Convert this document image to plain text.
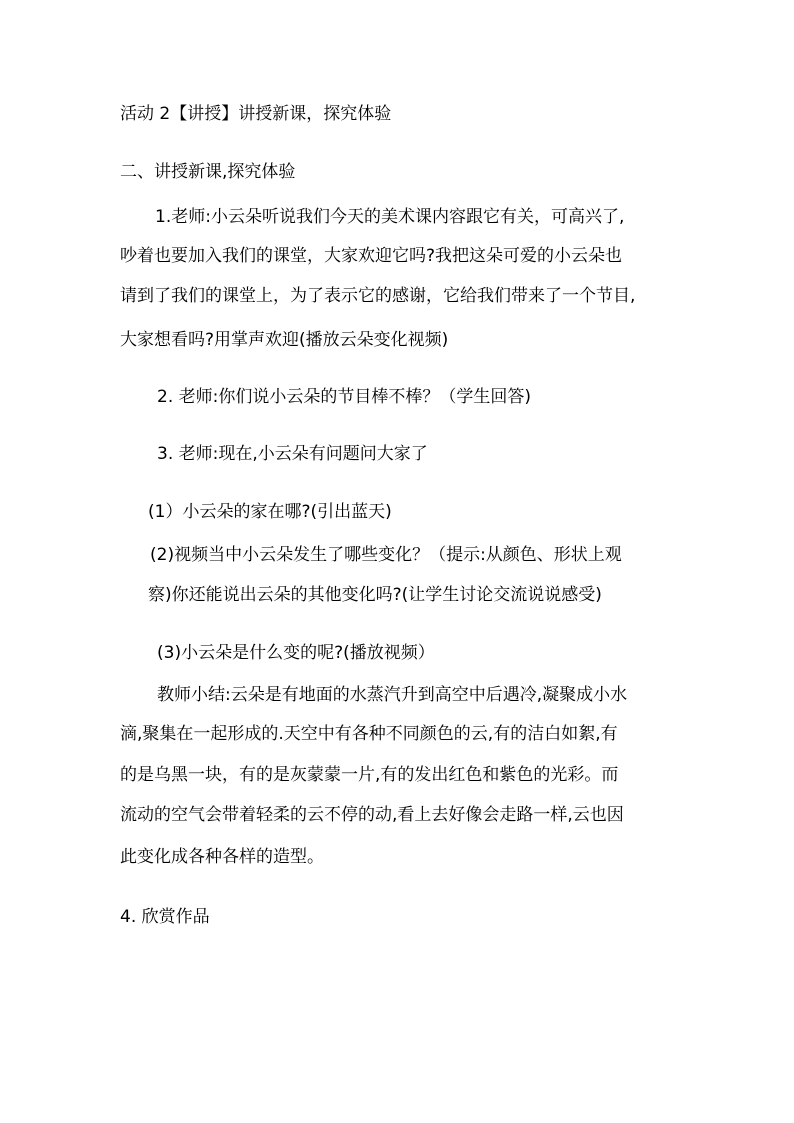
活动 2【讲授】讲授新课，探究体验
二、讲授新课,探究体验
1.老师:小云朵听说我们今天的美术课内容跟它有关，可高兴了,
吵着也要加入我们的课堂，大家欢迎它吗?我把这朵可爱的小云朵也
请到了我们的课堂上，为了表示它的感谢，它给我们带来了一个节目,
大家想看吗?用掌声欢迎(播放云朵变化视频)
2. 老师:你们说小云朵的节目棒不棒？（学生回答)
3. 老师:现在,小云朵有问题问大家了
(1）小云朵的家在哪?(引出蓝天)
(2)视频当中小云朵发生了哪些变化？（提示:从颜色、形状上观
察)你还能说出云朵的其他变化吗?(让学生讨论交流说说感受)
(3)小云朵是什么变的呢?(播放视频）
教师小结:云朵是有地面的水蒸汽升到高空中后遇冷,凝聚成小水
滴,聚集在一起形成的.天空中有各种不同颜色的云,有的洁白如絮,有
的是乌黑一块，有的是灰蒙蒙一片,有的发出红色和紫色的光彩。而
流动的空气会带着轻柔的云不停的动,看上去好像会走路一样,云也因
此变化成各种各样的造型。
4. 欣赏作品
